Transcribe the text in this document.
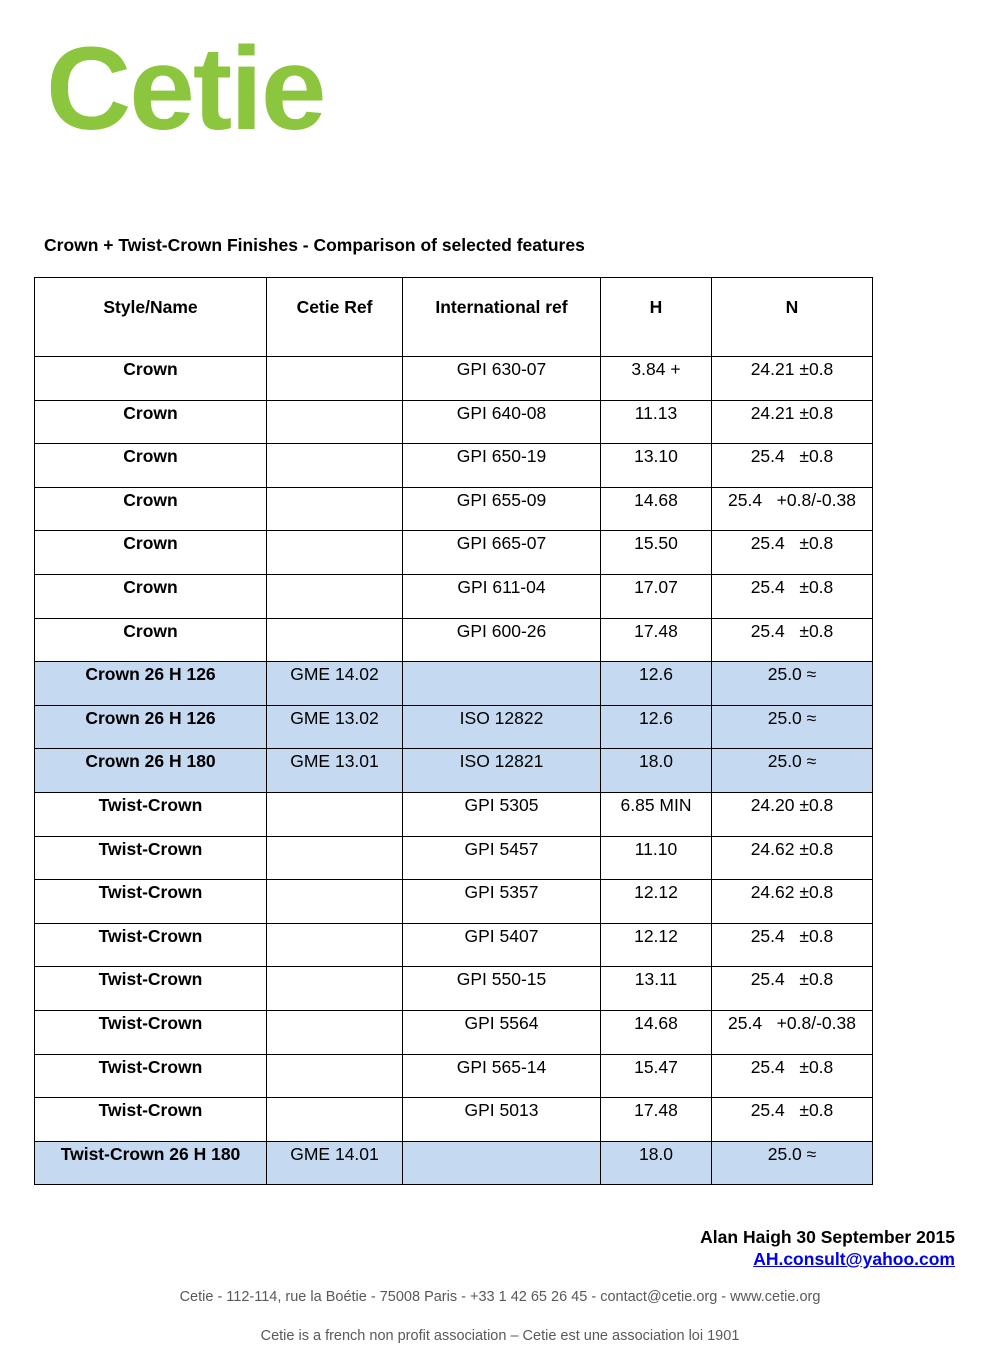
Cetie
Crown + Twist-Crown Finishes - Comparison of selected features
Style/Name	Cetie Ref	International ref	H	N
Crown		GPI 630-07	3.84 +	24.21 ±0.8
Crown		GPI 640-08	11.13	24.21 ±0.8
Crown		GPI 650-19	13.10	25.4   ±0.8
Crown		GPI 655-09	14.68	25.4   +0.8/-0.38
Crown		GPI 665-07	15.50	25.4   ±0.8
Crown		GPI 611-04	17.07	25.4   ±0.8
Crown		GPI 600-26	17.48	25.4   ±0.8
Crown 26 H 126	GME 14.02		12.6	25.0 ≈
Crown 26 H 126	GME 13.02	ISO 12822	12.6	25.0 ≈
Crown 26 H 180	GME 13.01	ISO 12821	18.0	25.0 ≈
Twist-Crown		GPI 5305	6.85 MIN	24.20 ±0.8
Twist-Crown		GPI 5457	11.10	24.62 ±0.8
Twist-Crown		GPI 5357	12.12	24.62 ±0.8
Twist-Crown		GPI 5407	12.12	25.4   ±0.8
Twist-Crown		GPI 550-15	13.11	25.4   ±0.8
Twist-Crown		GPI 5564	14.68	25.4   +0.8/-0.38
Twist-Crown		GPI 565-14	15.47	25.4   ±0.8
Twist-Crown		GPI 5013	17.48	25.4   ±0.8
Twist-Crown 26 H 180	GME 14.01		18.0	25.0 ≈
Alan Haigh 30 September 2015
AH.consult@yahoo.com
Cetie - 112-114, rue la Boétie - 75008 Paris - +33 1 42 65 26 45 - contact@cetie.org - www.cetie.org
Cetie is a french non profit association – Cetie est une association loi 1901
